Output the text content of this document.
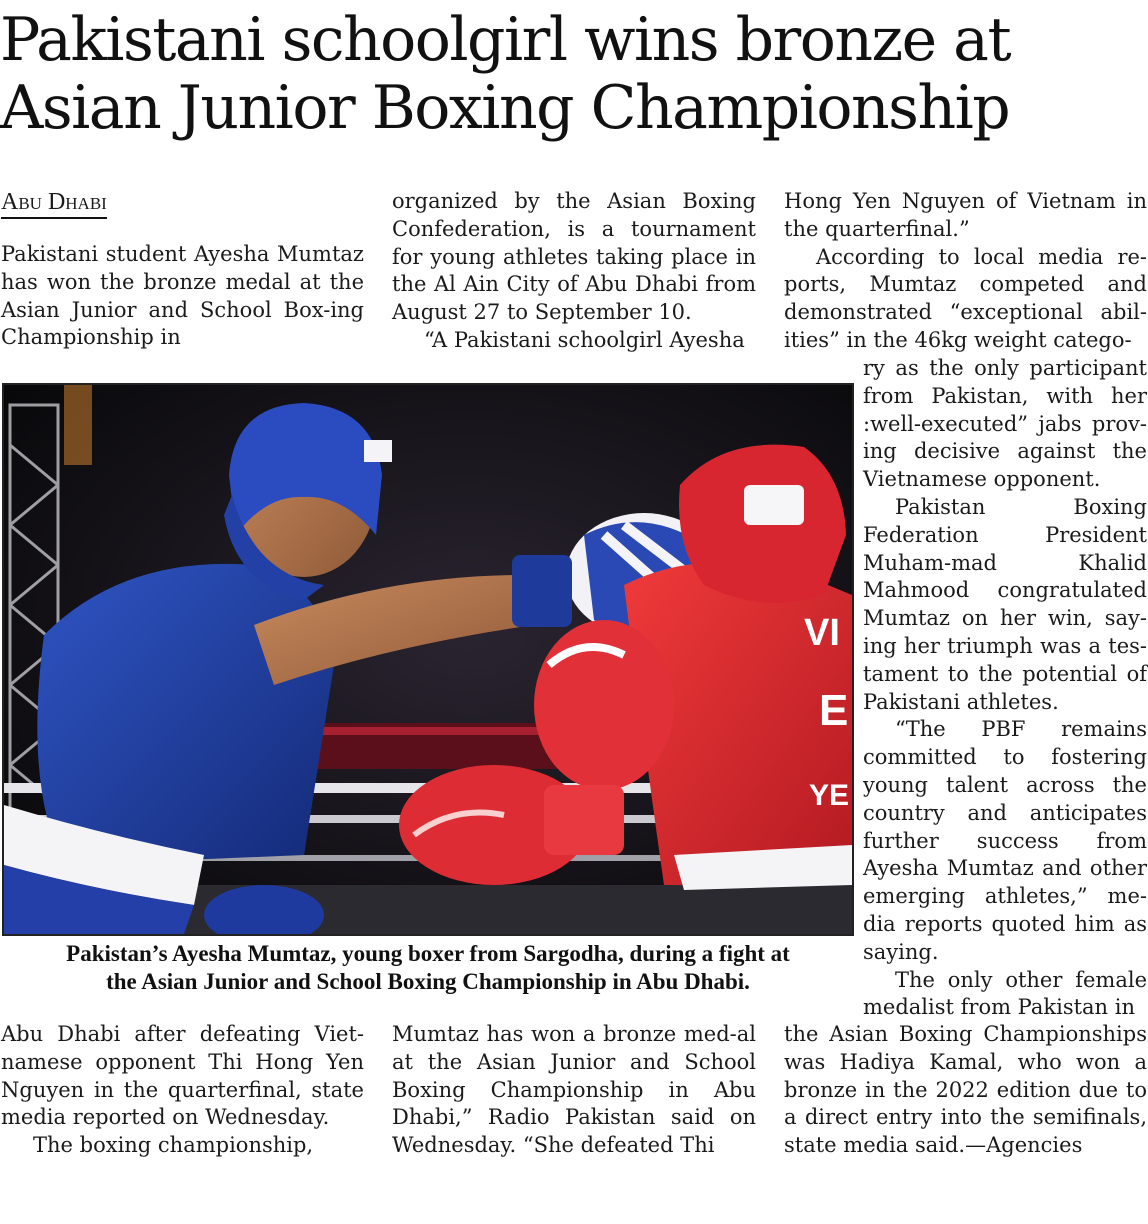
Pakistani schoolgirl wins bronze at
Asian Junior Boxing Championship
Abu Dhabi

Pakistani student Ayesha Mumtaz has won the bronze medal at the Asian Junior and School Box-ing Championship in

organized by the Asian Boxing Confederation, is a tournament for young athletes taking place in the Al Ain City of Abu Dhabi from August 27 to September 10.

“A Pakistani schoolgirl Ayesha

Hong Yen Nguyen of Vietnam in the quarterfinal.”

According to local media re-ports, Mumtaz competed and demonstrated “exceptional abil-ities” in the 46kg weight catego-

ry as the only participant from Pakistan, with her :well-executed” jabs prov-ing decisive against the Vietnamese opponent.

Pakistan Boxing Federation President Muham-mad Khalid Mahmood congratulated Mumtaz on her win, say-ing her triumph was a tes-tament to the potential of Pakistani athletes.

“The PBF remains committed to fostering young talent across the country and anticipates further success from Ayesha Mumtaz and other emerging athletes,” me-dia reports quoted him as saying.

The only other female medalist from Pakistan in

VI
E
YE
Pakistan’s Ayesha Mumtaz, young boxer from Sargodha, during a fight at
the Asian Junior and School Boxing Championship in Abu Dhabi.

Abu Dhabi after defeating Viet-namese opponent Thi Hong Yen Nguyen in the quarterfinal, state media reported on Wednesday.

The boxing championship,

Mumtaz has won a bronze med-al at the Asian Junior and School Boxing Championship in Abu Dhabi,” Radio Pakistan said on Wednesday. “She defeated Thi

the Asian Boxing Championships was Hadiya Kamal, who won a bronze in the 2022 edition due to a direct entry into the semifinals, state media said.—Agencies
